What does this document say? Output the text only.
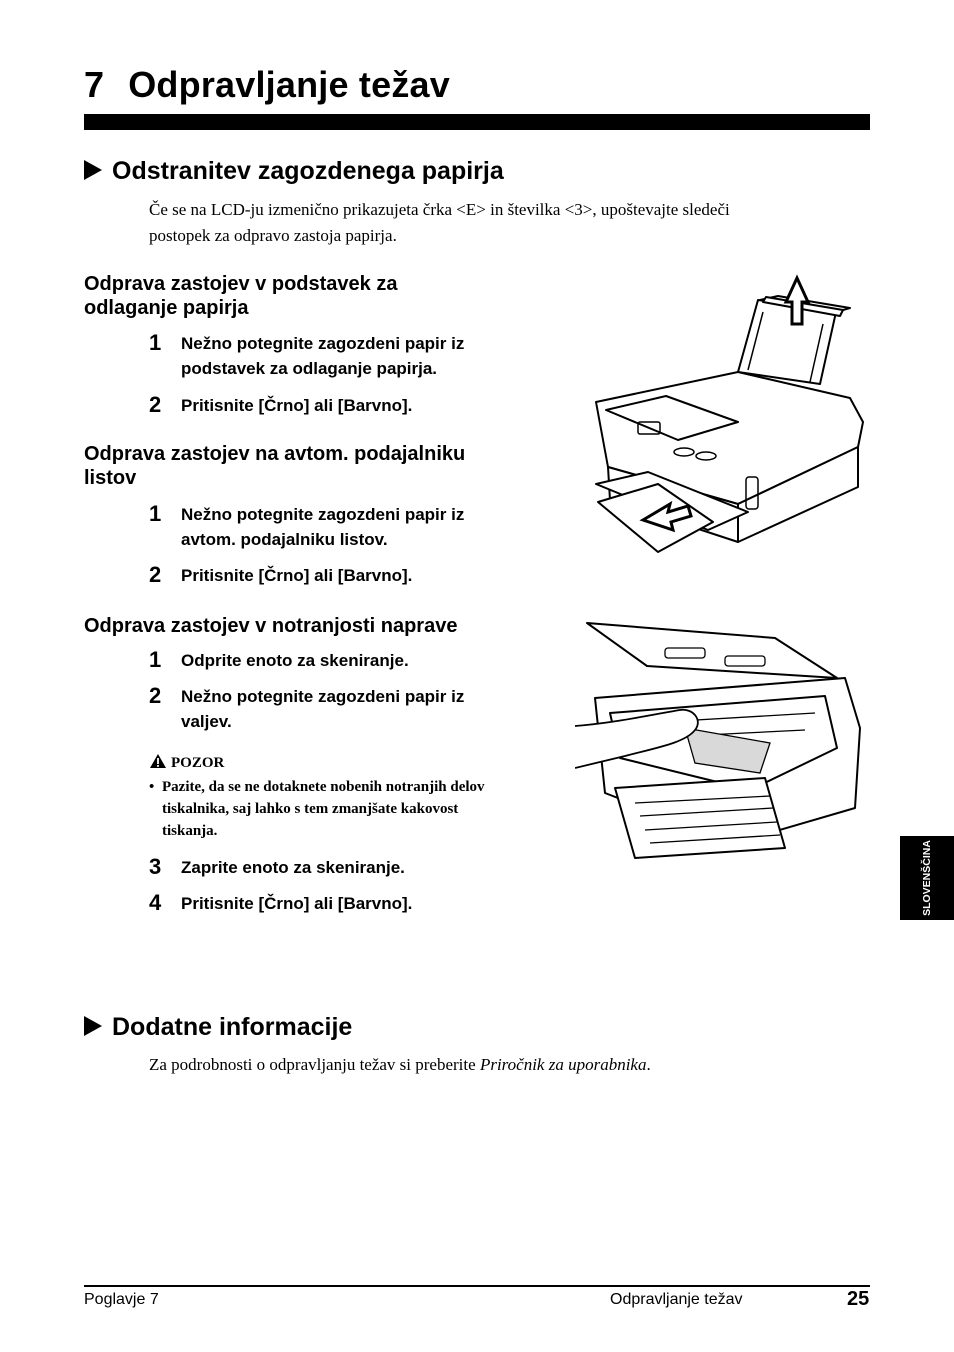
7 Odpravljanje težav
Odstranitev zagozdenega papirja
Če se na LCD-ju izmenično prikazujeta črka <E> in številka <3>, upoštevajte sledeči
postopek za odpravo zastoja papirja.
Odprava zastojev v podstavek za
odlaganje papirja
1 Nežno potegnite zagozdeni papir iz
podstavek za odlaganje papirja.
2 Pritisnite [Črno] ali [Barvno].
Odprava zastojev na avtom. podajalniku
listov
1 Nežno potegnite zagozdeni papir iz
avtom. podajalniku listov.
2 Pritisnite [Črno] ali [Barvno].
Odprava zastojev v notranjosti naprave
1 Odprite enoto za skeniranje.
2 Nežno potegnite zagozdeni papir iz
valjev.
POZOR
• Pazite, da se ne dotaknete nobenih notranjih delov
tiskalnika, saj lahko s tem zmanjšate kakovost
tiskanja.
3 Zaprite enoto za skeniranje.
4 Pritisnite [Črno] ali [Barvno].
Dodatne informacije
Za podrobnosti o odpravljanju težav si preberite Priročnik za uporabnika.
SLOVENŠČINA
Poglavje 7	Odpravljanje težav	25
